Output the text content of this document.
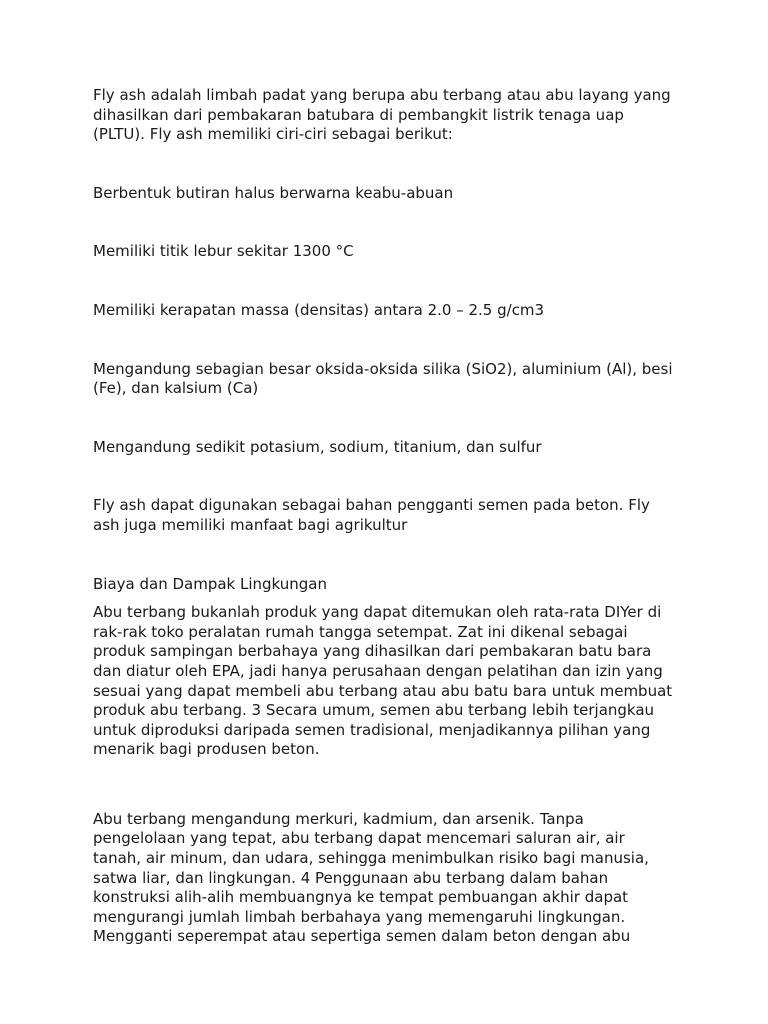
Fly ash adalah limbah padat yang berupa abu terbang atau abu layang yang dihasilkan dari pembakaran batubara di pembangkit listrik tenaga uap (PLTU). Fly ash memiliki ciri-ciri sebagai berikut:

Berbentuk butiran halus berwarna keabu-abuan

Memiliki titik lebur sekitar 1300 °C

Memiliki kerapatan massa (densitas) antara 2.0 – 2.5 g/cm3

Mengandung sebagian besar oksida-oksida silika (SiO2), aluminium (Al), besi (Fe), dan kalsium (Ca)

Mengandung sedikit potasium, sodium, titanium, dan sulfur

Fly ash dapat digunakan sebagai bahan pengganti semen pada beton. Fly ash juga memiliki manfaat bagi agrikultur

Biaya dan Dampak Lingkungan

Abu terbang bukanlah produk yang dapat ditemukan oleh rata-rata DIYer di rak-rak toko peralatan rumah tangga setempat. Zat ini dikenal sebagai produk sampingan berbahaya yang dihasilkan dari pembakaran batu bara dan diatur oleh EPA, jadi hanya perusahaan dengan pelatihan dan izin yang sesuai yang dapat membeli abu terbang atau abu batu bara untuk membuat produk abu terbang. 3 Secara umum, semen abu terbang lebih terjangkau untuk diproduksi daripada semen tradisional, menjadikannya pilihan yang menarik bagi produsen beton.

Abu terbang mengandung merkuri, kadmium, dan arsenik. Tanpa pengelolaan yang tepat, abu terbang dapat mencemari saluran air, air tanah, air minum, dan udara, sehingga menimbulkan risiko bagi manusia, satwa liar, dan lingkungan. 4 Penggunaan abu terbang dalam bahan konstruksi alih-alih membuangnya ke tempat pembuangan akhir dapat mengurangi jumlah limbah berbahaya yang memengaruhi lingkungan. Mengganti seperempat atau sepertiga semen dalam beton dengan abu
